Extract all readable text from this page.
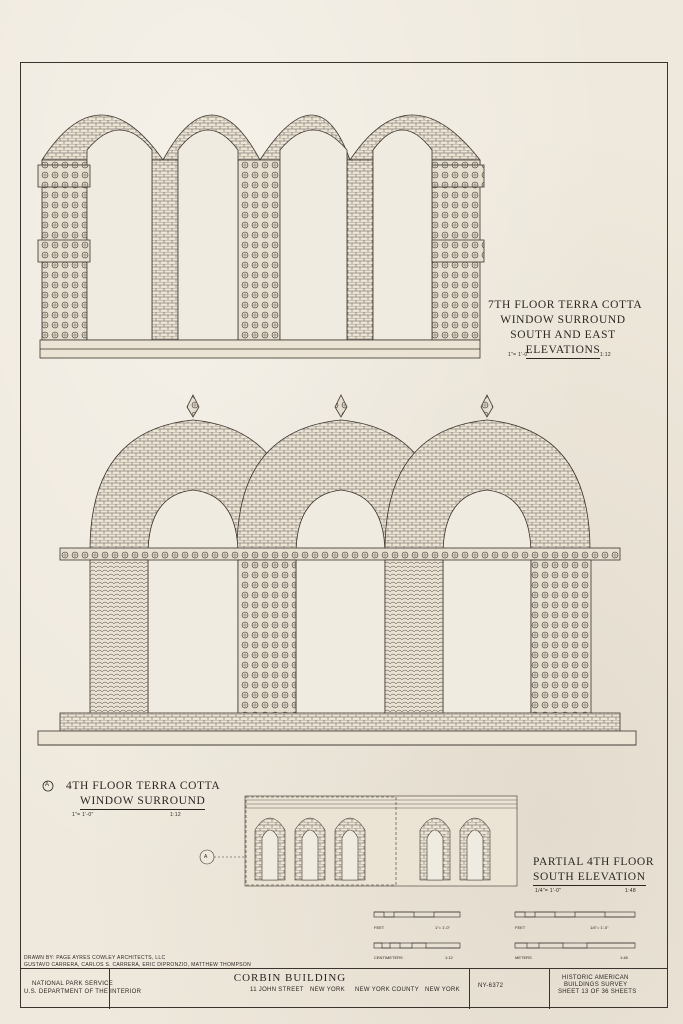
7TH FLOOR TERRA COTTA
WINDOW SURROUND
SOUTH AND EAST
ELEVATIONS
1"= 1'-0"	1:12
A 4TH FLOOR TERRA COTTA
WINDOW SURROUND
1"= 1'-0"	1:12
A	PARTIAL 4TH FLOOR
SOUTH ELEVATION
1/4"= 1'-0"	1:48
FEET	1"= 1'-0"	FEET	1/4"= 1'-0"
CENTIMETERS	1:12	METERS	1:48
DRAWN BY: PAGE AYRES COWLEY ARCHITECTS, LLC
GUSTAVO CARRERA, CARLOS S. CARRERA, ERIC DIPRONZIO, MATTHEW THOMPSON
NATIONAL PARK SERVICE
U.S. DEPARTMENT OF THE INTERIOR
CORBIN BUILDING
11 JOHN STREET NEW YORK NEW YORK COUNTY NEW YORK
NY-6372
HISTORIC AMERICAN
BUILDINGS SURVEY
SHEET 13 OF 36 SHEETS
